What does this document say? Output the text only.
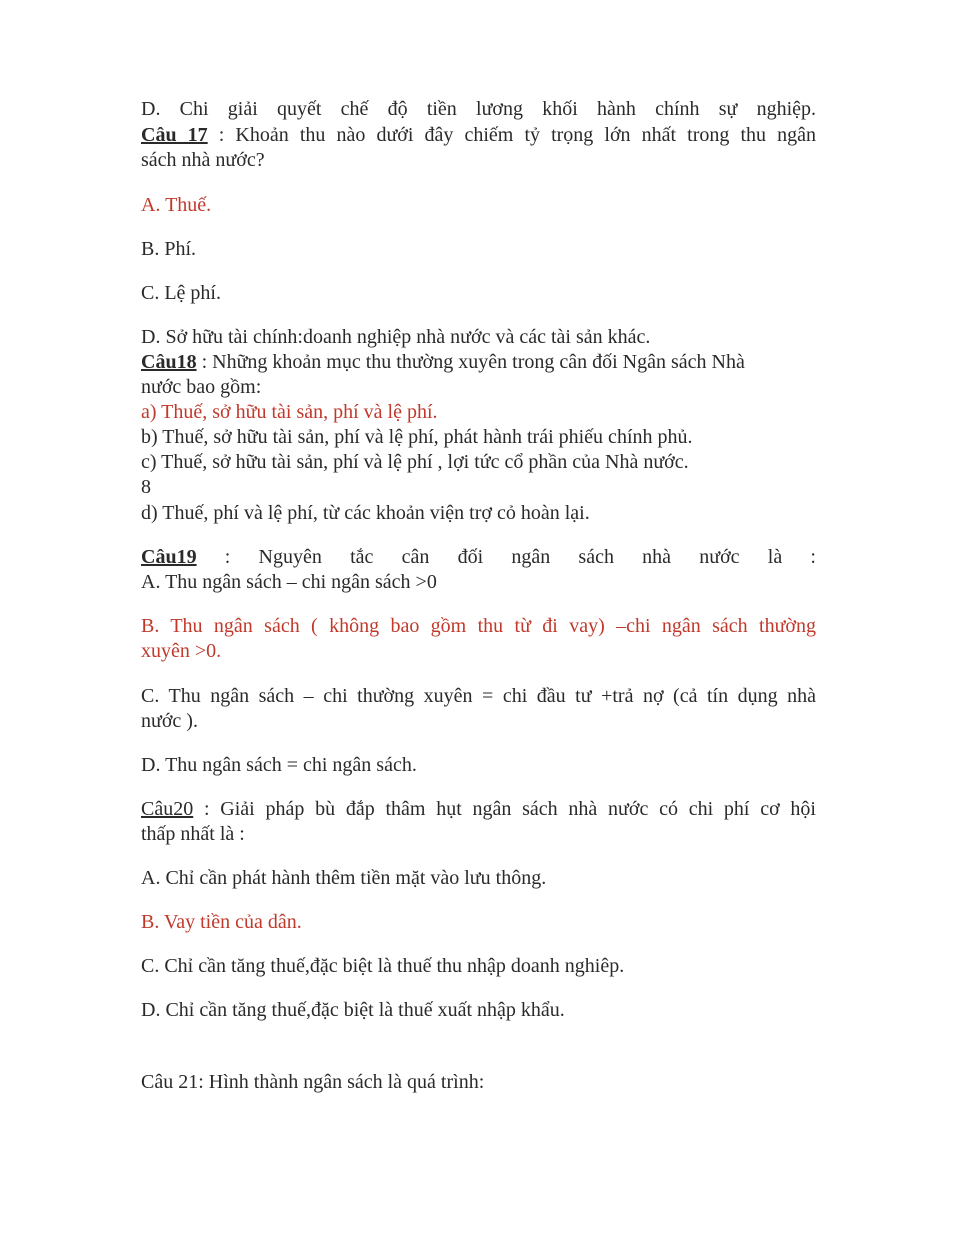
D. Chi giải quyết chế độ tiền lương khối hành chính sự nghiệp.
Câu 17 : Khoản thu nào dưới đây chiếm tỷ trọng lớn nhất trong thu ngân
sách nhà nước?
A. Thuế.
B. Phí.
C. Lệ phí.
D. Sở hữu tài chính:doanh nghiệp nhà nước và các tài sản khác.
Câu18 : Những khoản mục thu thường xuyên trong cân đối Ngân sách Nhà
nước bao gồm:
a) Thuế, sở hữu tài sản, phí và lệ phí.
b) Thuế, sở hữu tài sản, phí và lệ phí, phát hành trái phiếu chính phủ.
c) Thuế, sở hữu tài sản, phí và lệ phí , lợi tức cổ phần của Nhà nước.
8
d) Thuế, phí và lệ phí, từ các khoản viện trợ cỏ hoàn lại.
Câu19 : Nguyên tắc cân đối ngân sách nhà nước là :
A. Thu ngân sách – chi ngân sách >0
B. Thu ngân sách ( không bao gồm thu từ đi vay) –chi ngân sách thường
xuyên >0.
C. Thu ngân sách – chi thường xuyên = chi đầu tư +trả nợ (cả tín dụng nhà
nước ).
D. Thu ngân sách = chi ngân sách.
Câu20 : Giải pháp bù đắp thâm hụt ngân sách nhà nước có chi phí cơ hội
thấp nhất là :
A. Chỉ cần phát hành thêm tiền mặt vào lưu thông.
B. Vay tiền của dân.
C. Chỉ cần tăng thuế,đặc biệt là thuế thu nhập doanh nghiêp.
D. Chỉ cần tăng thuế,đặc biệt là thuế xuất nhập khẩu.
Câu 21: Hình thành ngân sách là quá trình:
